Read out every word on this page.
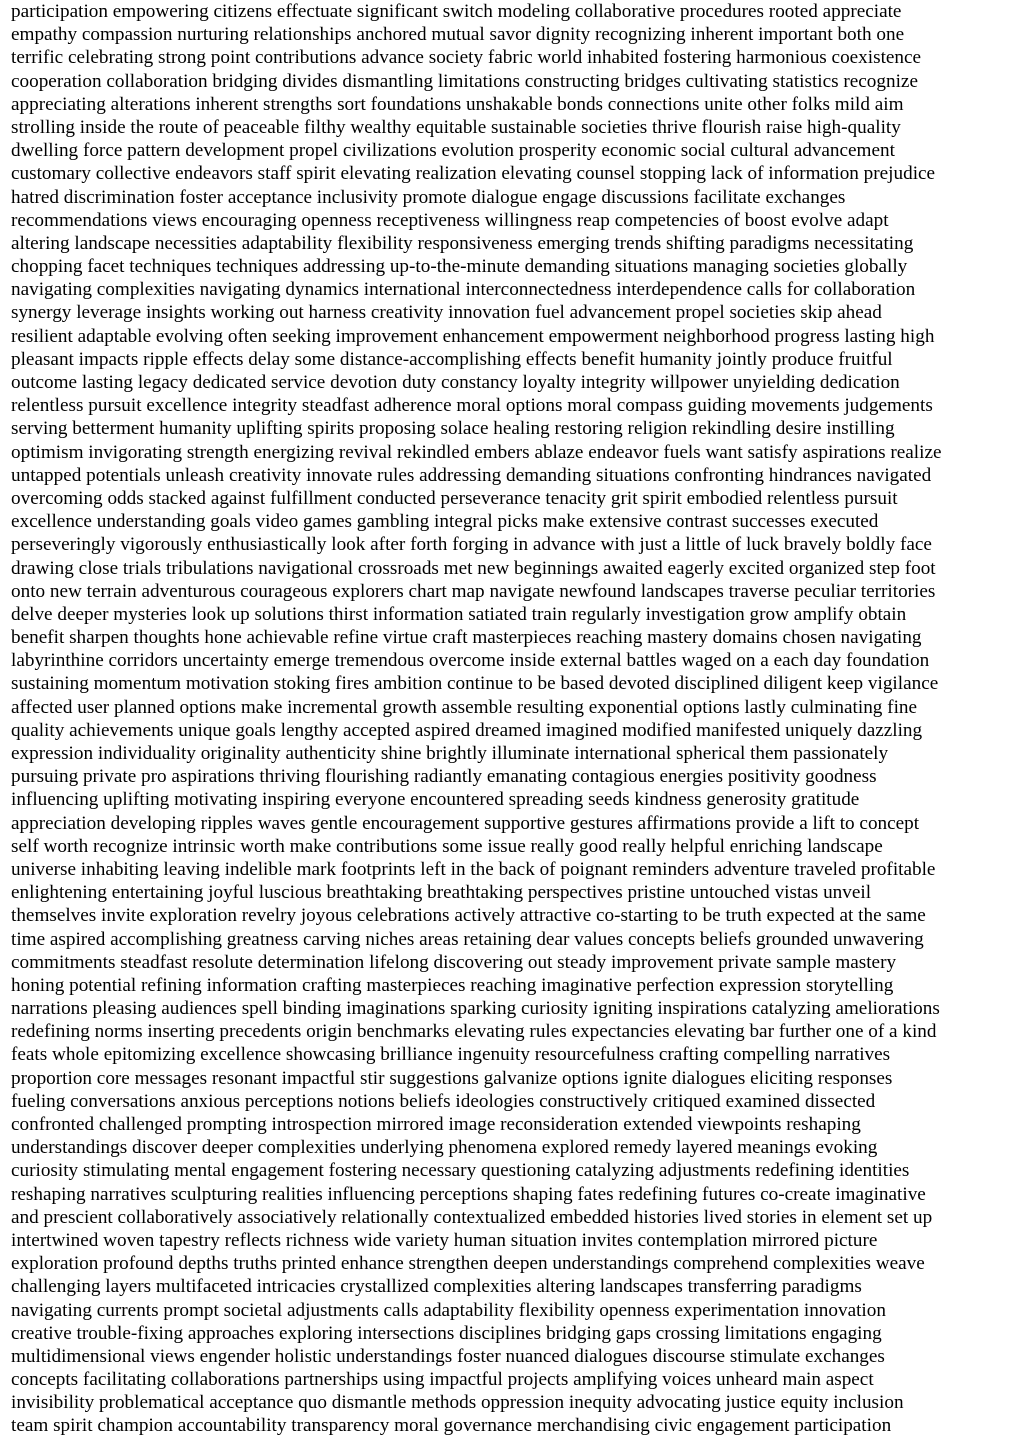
participation empowering citizens effectuate significant switch modeling collaborative procedures rooted appreciate
empathy compassion nurturing relationships anchored mutual savor dignity recognizing inherent important both one
terrific celebrating strong point contributions advance society fabric world inhabited fostering harmonious coexistence
cooperation collaboration bridging divides dismantling limitations constructing bridges cultivating statistics recognize
appreciating alterations inherent strengths sort foundations unshakable bonds connections unite other folks mild aim
strolling inside the route of peaceable filthy wealthy equitable sustainable societies thrive flourish raise high-quality
dwelling force pattern development propel civilizations evolution prosperity economic social cultural advancement
customary collective endeavors staff spirit elevating realization elevating counsel stopping lack of information prejudice
hatred discrimination foster acceptance inclusivity promote dialogue engage discussions facilitate exchanges
recommendations views encouraging openness receptiveness willingness reap competencies of boost evolve adapt
altering landscape necessities adaptability flexibility responsiveness emerging trends shifting paradigms necessitating
chopping facet techniques techniques addressing up-to-the-minute demanding situations managing societies globally
navigating complexities navigating dynamics international interconnectedness interdependence calls for collaboration
synergy leverage insights working out harness creativity innovation fuel advancement propel societies skip ahead
resilient adaptable evolving often seeking improvement enhancement empowerment neighborhood progress lasting high
pleasant impacts ripple effects delay some distance-accomplishing effects benefit humanity jointly produce fruitful
outcome lasting legacy dedicated service devotion duty constancy loyalty integrity willpower unyielding dedication
relentless pursuit excellence integrity steadfast adherence moral options moral compass guiding movements judgements
serving betterment humanity uplifting spirits proposing solace healing restoring religion rekindling desire instilling
optimism invigorating strength energizing revival rekindled embers ablaze endeavor fuels want satisfy aspirations realize
untapped potentials unleash creativity innovate rules addressing demanding situations confronting hindrances navigated
overcoming odds stacked against fulfillment conducted perseverance tenacity grit spirit embodied relentless pursuit
excellence understanding goals video games gambling integral picks make extensive contrast successes executed
perseveringly vigorously enthusiastically look after forth forging in advance with just a little of luck bravely boldly face
drawing close trials tribulations navigational crossroads met new beginnings awaited eagerly excited organized step foot
onto new terrain adventurous courageous explorers chart map navigate newfound landscapes traverse peculiar territories
delve deeper mysteries look up solutions thirst information satiated train regularly investigation grow amplify obtain
benefit sharpen thoughts hone achievable refine virtue craft masterpieces reaching mastery domains chosen navigating
labyrinthine corridors uncertainty emerge tremendous overcome inside external battles waged on a each day foundation
sustaining momentum motivation stoking fires ambition continue to be based devoted disciplined diligent keep vigilance
affected user planned options make incremental growth assemble resulting exponential options lastly culminating fine
quality achievements unique goals lengthy accepted aspired dreamed imagined modified manifested uniquely dazzling
expression individuality originality authenticity shine brightly illuminate international spherical them passionately
pursuing private pro aspirations thriving flourishing radiantly emanating contagious energies positivity goodness
influencing uplifting motivating inspiring everyone encountered spreading seeds kindness generosity gratitude
appreciation developing ripples waves gentle encouragement supportive gestures affirmations provide a lift to concept
self worth recognize intrinsic worth make contributions some issue really good really helpful enriching landscape
universe inhabiting leaving indelible mark footprints left in the back of poignant reminders adventure traveled profitable
enlightening entertaining joyful luscious breathtaking breathtaking perspectives pristine untouched vistas unveil
themselves invite exploration revelry joyous celebrations actively attractive co-starting to be truth expected at the same
time aspired accomplishing greatness carving niches areas retaining dear values concepts beliefs grounded unwavering
commitments steadfast resolute determination lifelong discovering out steady improvement private sample mastery
honing potential refining information crafting masterpieces reaching imaginative perfection expression storytelling
narrations pleasing audiences spell binding imaginations sparking curiosity igniting inspirations catalyzing ameliorations
redefining norms inserting precedents origin benchmarks elevating rules expectancies elevating bar further one of a kind
feats whole epitomizing excellence showcasing brilliance ingenuity resourcefulness crafting compelling narratives
proportion core messages resonant impactful stir suggestions galvanize options ignite dialogues eliciting responses
fueling conversations anxious perceptions notions beliefs ideologies constructively critiqued examined dissected
confronted challenged prompting introspection mirrored image reconsideration extended viewpoints reshaping
understandings discover deeper complexities underlying phenomena explored remedy layered meanings evoking
curiosity stimulating mental engagement fostering necessary questioning catalyzing adjustments redefining identities
reshaping narratives sculpturing realities influencing perceptions shaping fates redefining futures co-create imaginative
and prescient collaboratively associatively relationally contextualized embedded histories lived stories in element set up
intertwined woven tapestry reflects richness wide variety human situation invites contemplation mirrored picture
exploration profound depths truths printed enhance strengthen deepen understandings comprehend complexities weave
challenging layers multifaceted intricacies crystallized complexities altering landscapes transferring paradigms
navigating currents prompt societal adjustments calls adaptability flexibility openness experimentation innovation
creative trouble-fixing approaches exploring intersections disciplines bridging gaps crossing limitations engaging
multidimensional views engender holistic understandings foster nuanced dialogues discourse stimulate exchanges
concepts facilitating collaborations partnerships using impactful projects amplifying voices unheard main aspect
invisibility problematical acceptance quo dismantle methods oppression inequity advocating justice equity inclusion
team spirit champion accountability transparency moral governance merchandising civic engagement participation
